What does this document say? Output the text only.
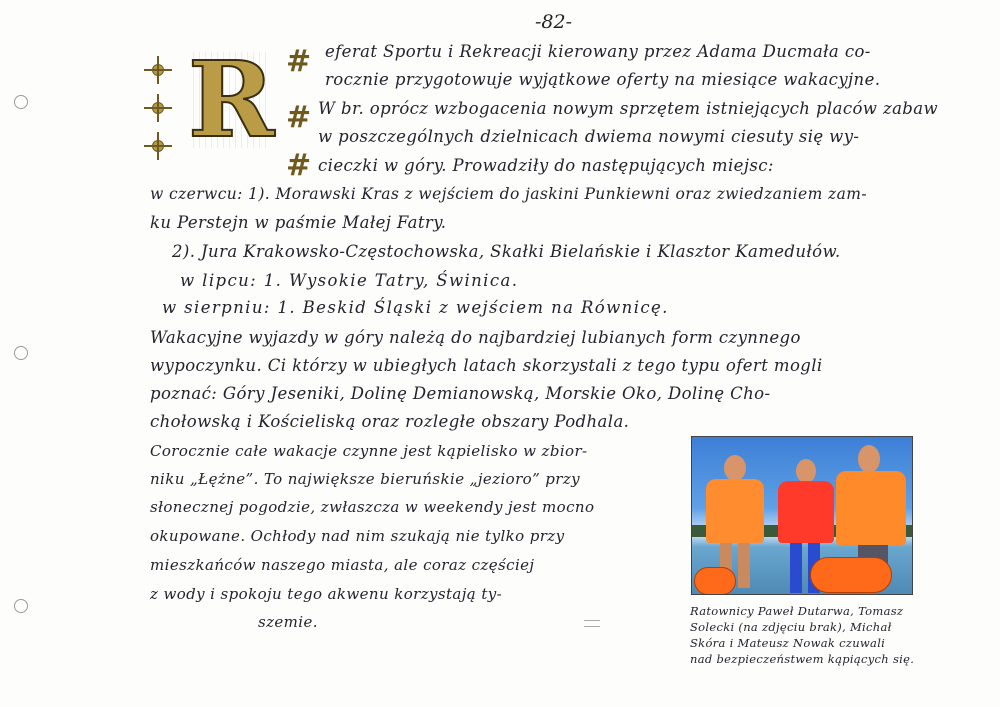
-82-
R #
#
#
eferat Sportu i Rekreacji kierowany przez Adama Ducmała co-
rocznie przygotowuje wyjątkowe oferty na miesiące wakacyjne.
W br. oprócz wzbogacenia nowym sprzętem istniejących placów zabaw
w poszczególnych dzielnicach dwiema nowymi ciesuty się wy-
cieczki w góry. Prowadziły do następujących miejsc:
w czerwcu: 1). Morawski Kras z wejściem do jaskini Punkiewni oraz zwiedzaniem zam-
ku Perstejn w paśmie Małej Fatry.
2). Jura Krakowsko-Częstochowska, Skałki Bielańskie i Klasztor Kamedułów.
w lipcu: 1. Wysokie Tatry, Świnica.
w sierpniu: 1. Beskid Śląski z wejściem na Równicę.
Wakacyjne wyjazdy w góry należą do najbardziej lubianych form czynnego
wypoczynku. Ci którzy w ubiegłych latach skorzystali z tego typu ofert mogli
poznać: Góry Jeseniki, Dolinę Demianowską, Morskie Oko, Dolinę Cho-
chołowską i Kościeliską oraz rozległe obszary Podhala.
Corocznie całe wakacje czynne jest kąpielisko w zbior-
niku „Łężne”. To największe bieruńskie „jezioro” przy
słonecznej pogodzie, zwłaszcza w weekendy jest mocno
okupowane. Ochłody nad nim szukają nie tylko przy
mieszkańców naszego miasta, ale coraz częściej
z wody i spokoju tego akwenu korzystają ty-
szemie.
Ratownicy Paweł Dutarwa, Tomasz
Solecki (na zdjęciu brak), Michał
Skóra i Mateusz Nowak czuwali
nad bezpieczeństwem kąpiących się.
